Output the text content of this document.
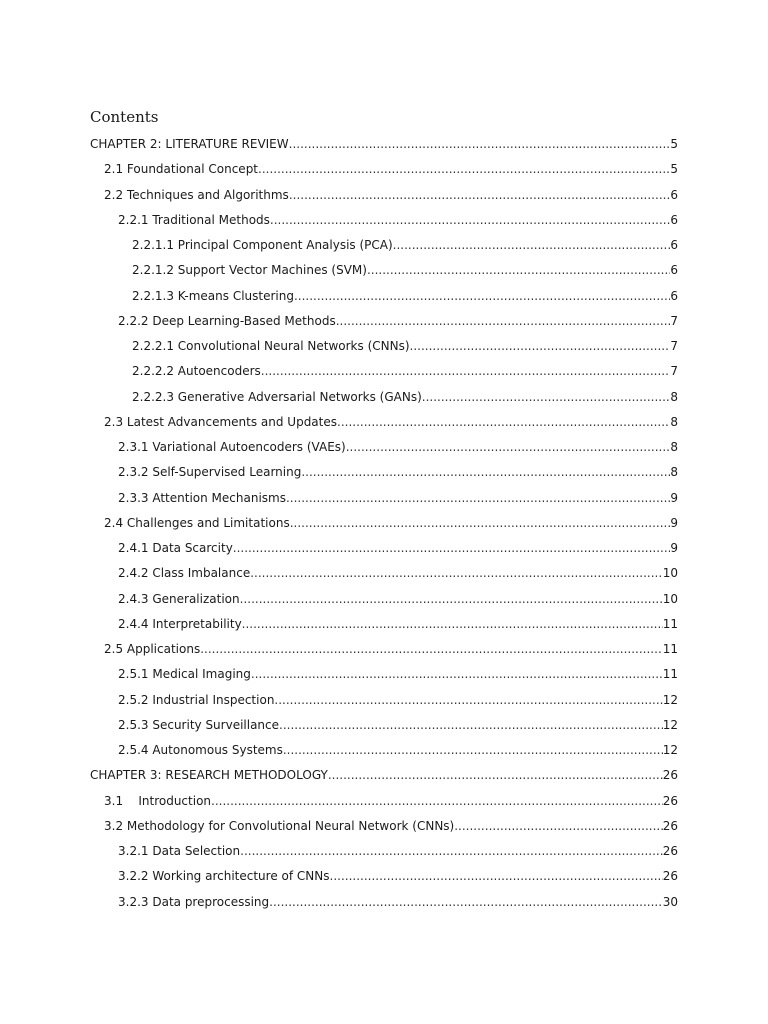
Contents
CHAPTER 2: LITERATURE REVIEW .....	5
2.1 Foundational Concept .....	5
2.2 Techniques and Algorithms .....	6
2.2.1 Traditional Methods .....	6
2.2.1.1 Principal Component Analysis (PCA) .....	6
2.2.1.2 Support Vector Machines (SVM) .....	6
2.2.1.3 K-means Clustering .....	6
2.2.2 Deep Learning-Based Methods .....	7
2.2.2.1 Convolutional Neural Networks (CNNs) .....	7
2.2.2.2 Autoencoders .....	7
2.2.2.3 Generative Adversarial Networks (GANs) .....	8
2.3 Latest Advancements and Updates .....	8
2.3.1 Variational Autoencoders (VAEs) .....	8
2.3.2 Self-Supervised Learning .....	8
2.3.3 Attention Mechanisms .....	9
2.4 Challenges and Limitations .....	9
2.4.1 Data Scarcity .....	9
2.4.2 Class Imbalance .....	10
2.4.3 Generalization .....	10
2.4.4 Interpretability .....	11
2.5 Applications .....	11
2.5.1 Medical Imaging .....	11
2.5.2 Industrial Inspection .....	12
2.5.3 Security Surveillance .....	12
2.5.4 Autonomous Systems .....	12
CHAPTER 3: RESEARCH METHODOLOGY .....	26
3.1    Introduction .....	26
3.2 Methodology for Convolutional Neural Network (CNNs) .....	26
3.2.1 Data Selection .....	26
3.2.2 Working architecture of CNNs .....	26
3.2.3 Data preprocessing .....	30
